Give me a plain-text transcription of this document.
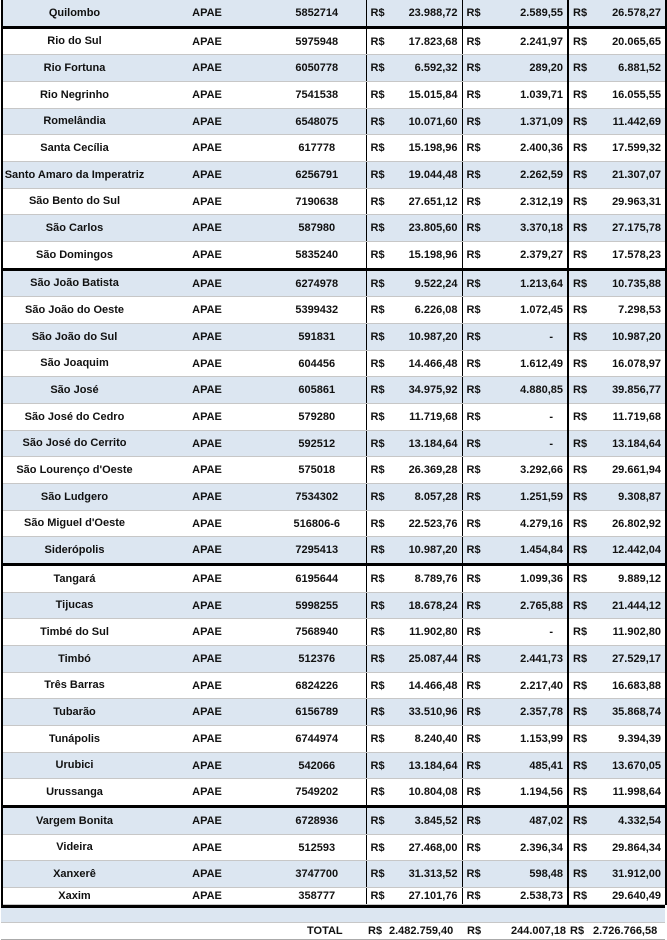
Quilombo	APAE	5852714	R$	23.988,72	R$	2.589,55	R$	26.578,27
Rio do Sul	APAE	5975948	R$	17.823,68	R$	2.241,97	R$	20.065,65
Rio Fortuna	APAE	6050778	R$	6.592,32	R$	289,20	R$	6.881,52
Rio Negrinho	APAE	7541538	R$	15.015,84	R$	1.039,71	R$	16.055,55
Romelândia	APAE	6548075	R$	10.071,60	R$	1.371,09	R$	11.442,69
Santa Cecília	APAE	617778	R$	15.198,96	R$	2.400,36	R$	17.599,32
Santo Amaro da Imperatriz	APAE	6256791	R$	19.044,48	R$	2.262,59	R$	21.307,07
São Bento do Sul	APAE	7190638	R$	27.651,12	R$	2.312,19	R$	29.963,31
São Carlos	APAE	587980	R$	23.805,60	R$	3.370,18	R$	27.175,78
São Domingos	APAE	5835240	R$	15.198,96	R$	2.379,27	R$	17.578,23
São João Batista	APAE	6274978	R$	9.522,24	R$	1.213,64	R$	10.735,88
São João do Oeste	APAE	5399432	R$	6.226,08	R$	1.072,45	R$	7.298,53
São João do Sul	APAE	591831	R$	10.987,20	R$	-	R$	10.987,20
São Joaquim	APAE	604456	R$	14.466,48	R$	1.612,49	R$	16.078,97
São José	APAE	605861	R$	34.975,92	R$	4.880,85	R$	39.856,77
São José do Cedro	APAE	579280	R$	11.719,68	R$	-	R$	11.719,68
São José do Cerrito	APAE	592512	R$	13.184,64	R$	-	R$	13.184,64
São Lourenço d'Oeste	APAE	575018	R$	26.369,28	R$	3.292,66	R$	29.661,94
São Ludgero	APAE	7534302	R$	8.057,28	R$	1.251,59	R$	9.308,87
São Miguel d'Oeste	APAE	516806-6	R$	22.523,76	R$	4.279,16	R$	26.802,92
Siderópolis	APAE	7295413	R$	10.987,20	R$	1.454,84	R$	12.442,04
Tangará	APAE	6195644	R$	8.789,76	R$	1.099,36	R$	9.889,12
Tijucas	APAE	5998255	R$	18.678,24	R$	2.765,88	R$	21.444,12
Timbé do Sul	APAE	7568940	R$	11.902,80	R$	-	R$	11.902,80
Timbó	APAE	512376	R$	25.087,44	R$	2.441,73	R$	27.529,17
Três Barras	APAE	6824226	R$	14.466,48	R$	2.217,40	R$	16.683,88
Tubarão	APAE	6156789	R$	33.510,96	R$	2.357,78	R$	35.868,74
Tunápolis	APAE	6744974	R$	8.240,40	R$	1.153,99	R$	9.394,39
Urubici	APAE	542066	R$	13.184,64	R$	485,41	R$	13.670,05
Urussanga	APAE	7549202	R$	10.804,08	R$	1.194,56	R$	11.998,64
Vargem Bonita	APAE	6728936	R$	3.845,52	R$	487,02	R$	4.332,54
Videira	APAE	512593	R$	27.468,00	R$	2.396,34	R$	29.864,34
Xanxerê	APAE	3747700	R$	31.313,52	R$	598,48	R$	31.912,00
Xaxim	APAE	358777	R$	27.101,76	R$	2.538,73	R$	29.640,49
TOTAL R$ 2.482.759,40 R$	244.007,18 R$ 2.726.766,58
